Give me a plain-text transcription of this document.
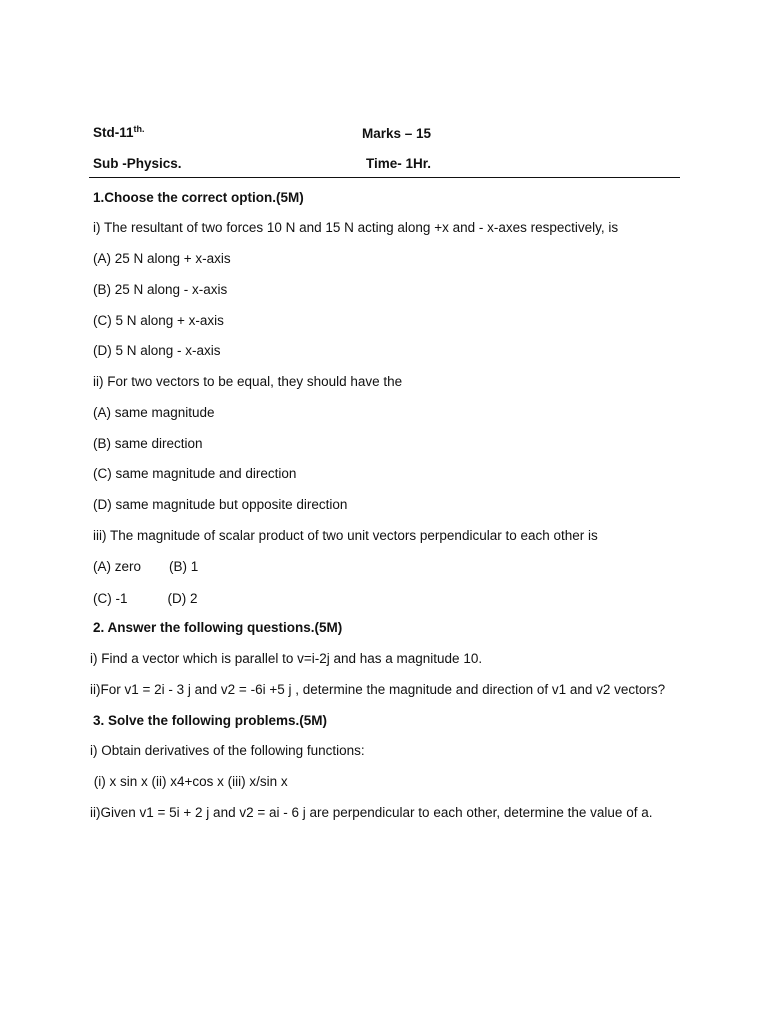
Std-$11^{th.}$	Marks – 15
Sub -Physics.	Time- 1Hr.
1.Choose the correct option.(5M)
i) The resultant of two forces 10 N and 15 N acting along +x and - x-axes respectively, is
(A) 25 N along + x-axis
(B) 25 N along - x-axis
(C) 5 N along + x-axis
(D) 5 N along - x-axis
ii) For two vectors to be equal, they should have the
(A) same magnitude
(B) same direction
(C) same magnitude and direction
(D) same magnitude but opposite direction
iii) The magnitude of scalar product of two unit vectors perpendicular to each other is
(A) zero (B) 1
(C) -1	(D) 2
2. Answer the following questions.(5M)
i) Find a vector which is parallel to v=i-2j and has a magnitude 10.
ii)For v1 = 2i - 3 j and v2 = -6i +5 j , determine the magnitude and direction of v1 and v2 vectors?
3. Solve the following problems.(5M)
i) Obtain derivatives of the following functions:
(i) x sin x (ii) x4+cos x (iii) x/sin x
ii)Given v1 = 5i + 2 j and v2 = ai - 6 j are perpendicular to each other, determine the value of a.
